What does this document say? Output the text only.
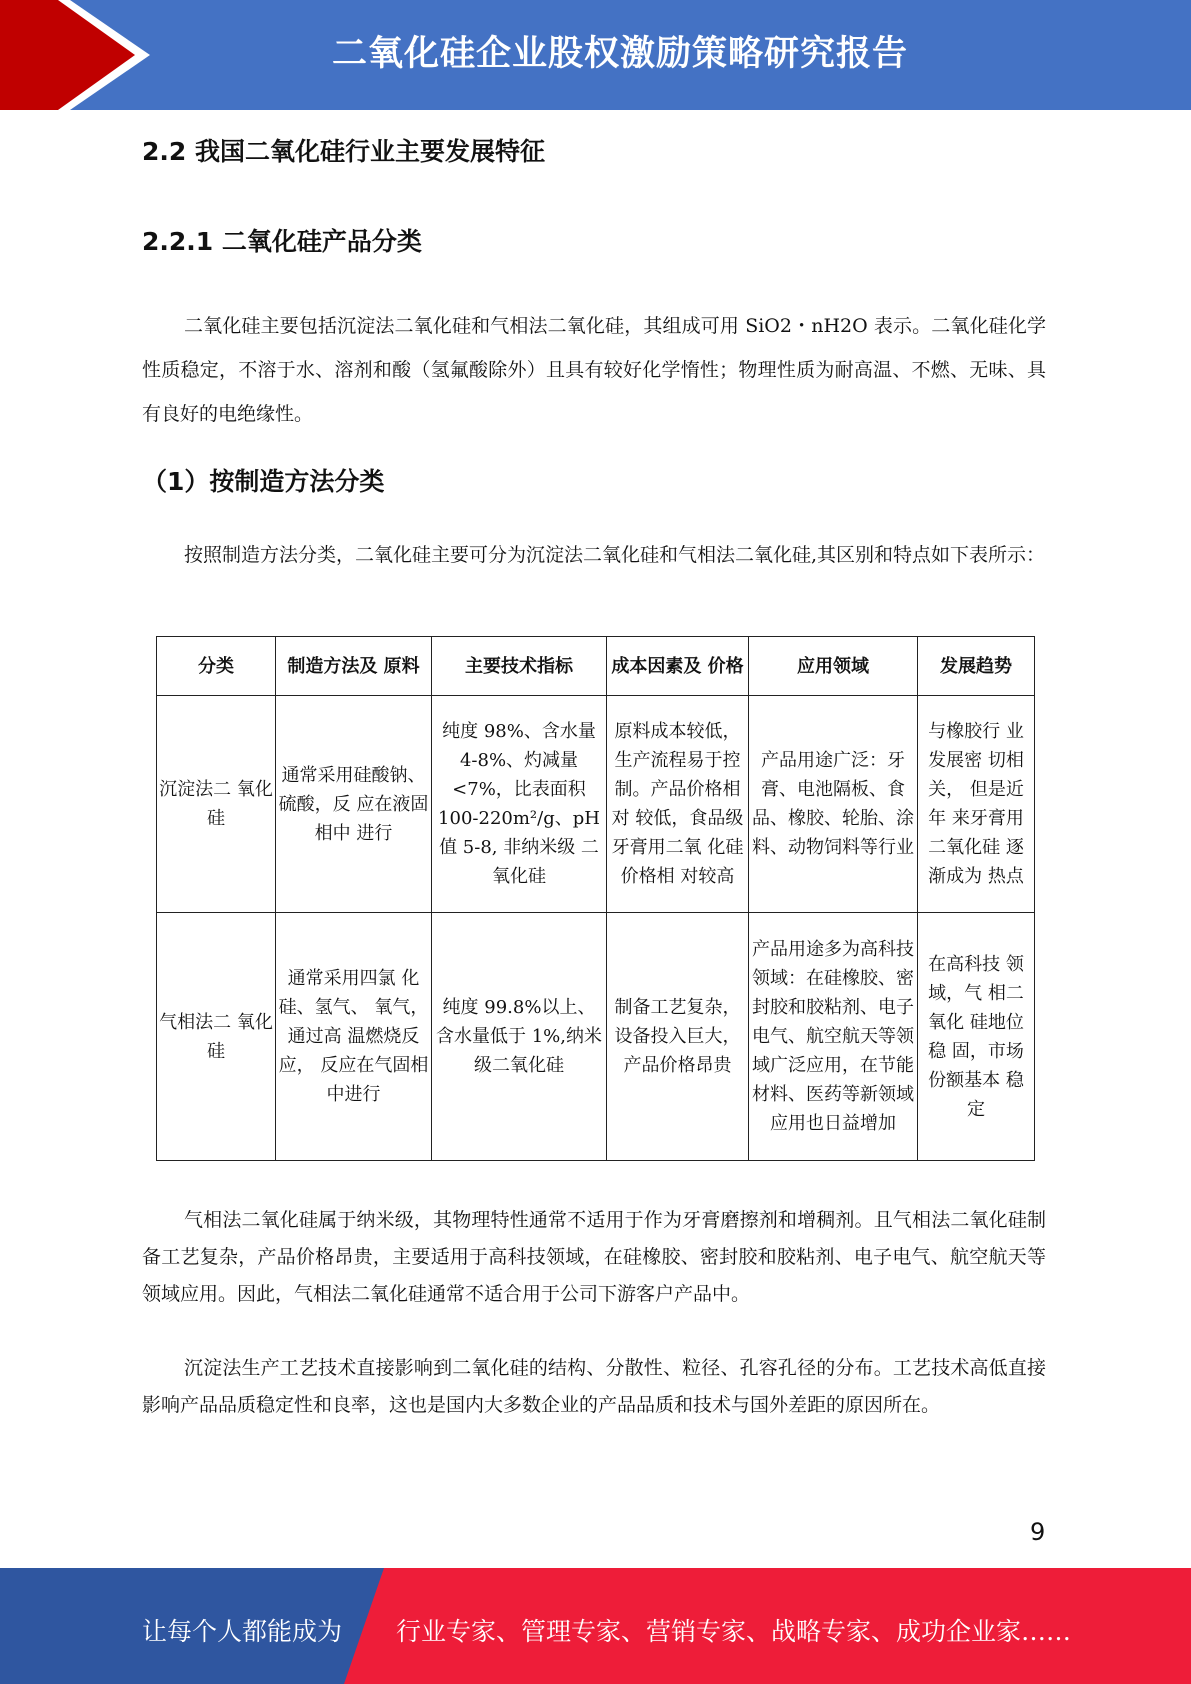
二氧化硅企业股权激励策略研究报告
2.2 我国二氧化硅行业主要发展特征
2.2.1 二氧化硅产品分类
二氧化硅主要包括沉淀法二氧化硅和气相法二氧化硅，其组成可用 SiO2・nH2O 表示。二氧化硅化学性质稳定，不溶于水、溶剂和酸（氢氟酸除外）且具有较好化学惰性；物理性质为耐高温、不燃、无味、具有良好的电绝缘性。
（1）按制造方法分类
按照制造方法分类，二氧化硅主要可分为沉淀法二氧化硅和气相法二氧化硅,其区别和特点如下表所示：
分类	制造方法及 原料	主要技术指标	成本因素及 价格	应用领域	发展趋势
沉淀法二 氧化硅	通常采用硅酸钠、硫酸，反 应在液固相中 进行	纯度 98%、含水量 4-8%、灼减量<7%，比表面积 100-220m²/g、pH 值 5-8, 非纳米级 二氧化硅	原料成本较低，生产流程易于控制。产品价格相对 较低，食品级牙膏用二氧 化硅价格相 对较高	产品用途广泛：牙膏、电池隔板、食品、橡胶、轮胎、涂料、动物饲料等行业	与橡胶行 业发展密 切相关， 但是近年 来牙膏用二氧化硅 逐渐成为 热点
气相法二 氧化硅	通常采用四氯 化硅、氢气、 氧气，通过高 温燃烧反应， 反应在气固相 中进行	纯度 99.8%以上、含水量低于 1%,纳米级二氧化硅	制备工艺复杂，设备投入巨大，产品价格昂贵	产品用途多为高科技领域：在硅橡胶、密封胶和胶粘剂、电子电气、航空航天等领域广泛应用，在节能材料、医药等新领域应用也日益增加	在高科技 领域，气 相二氧化 硅地位稳 固，市场份额基本 稳定
气相法二氧化硅属于纳米级，其物理特性通常不适用于作为牙膏磨擦剂和增稠剂。且气相法二氧化硅制备工艺复杂，产品价格昂贵，主要适用于高科技领域，在硅橡胶、密封胶和胶粘剂、电子电气、航空航天等领域应用。因此，气相法二氧化硅通常不适合用于公司下游客户产品中。
沉淀法生产工艺技术直接影响到二氧化硅的结构、分散性、粒径、孔容孔径的分布。工艺技术高低直接影响产品品质稳定性和良率，这也是国内大多数企业的产品品质和技术与国外差距的原因所在。
9
让每个人都能成为 行业专家、管理专家、营销专家、战略专家、成功企业家……
